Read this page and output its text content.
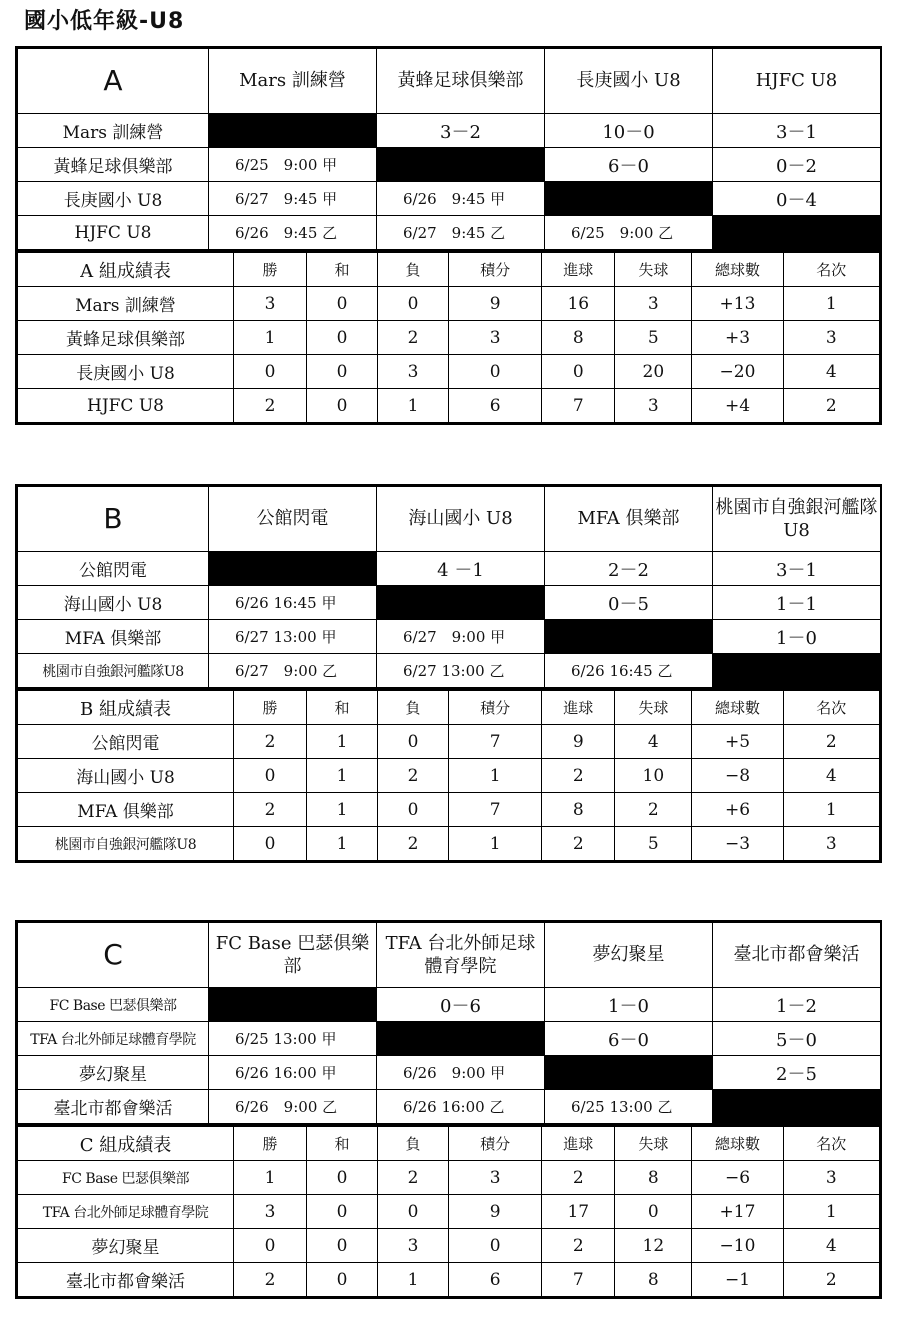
國小低年級-U8
A	Mars 訓練營	黃蜂足球俱樂部	長庚國小 U8	HJFC U8
Mars 訓練營		3－2	10－0	3－1
黃蜂足球俱樂部	6/25　9:00 甲		6－0	0－2
長庚國小 U8	6/27　9:45 甲	6/26　9:45 甲		0－4
HJFC U8	6/26　9:45 乙	6/27　9:45 乙	6/25　9:00 乙	
A 組成績表	勝	和	負	積分	進球	失球	總球數	名次
Mars 訓練營	3	0	0	9	16	3	+13	1
黃蜂足球俱樂部	1	0	2	3	8	5	+3	3
長庚國小 U8	0	0	3	0	0	20	−20	4
HJFC U8	2	0	1	6	7	3	+4	2
B	公館閃電	海山國小 U8	MFA 俱樂部	桃園市自強銀河艦隊 U8
公館閃電		4 －1	2－2	3－1
海山國小 U8	6/26 16:45 甲		0－5	1－1
MFA 俱樂部	6/27 13:00 甲	6/27　9:00 甲		1－0
桃園市自強銀河艦隊U8	6/27　9:00 乙	6/27 13:00 乙	6/26 16:45 乙	
B 組成績表	勝	和	負	積分	進球	失球	總球數	名次
公館閃電	2	1	0	7	9	4	+5	2
海山國小 U8	0	1	2	1	2	10	−8	4
MFA 俱樂部	2	1	0	7	8	2	+6	1
桃園市自強銀河艦隊U8	0	1	2	1	2	5	−3	3
C	FC Base 巴瑟俱樂部	TFA 台北外師足球體育學院	夢幻聚星	臺北市都會樂活
FC Base 巴瑟俱樂部		0－6	1－0	1－2
TFA 台北外師足球體育學院	6/25 13:00 甲		6－0	5－0
夢幻聚星	6/26 16:00 甲	6/26　9:00 甲		2－5
臺北市都會樂活	6/26　9:00 乙	6/26 16:00 乙	6/25 13:00 乙	
C 組成績表	勝	和	負	積分	進球	失球	總球數	名次
FC Base 巴瑟俱樂部	1	0	2	3	2	8	−6	3
TFA 台北外師足球體育學院	3	0	0	9	17	0	+17	1
夢幻聚星	0	0	3	0	2	12	−10	4
臺北市都會樂活	2	0	1	6	7	8	−1	2
